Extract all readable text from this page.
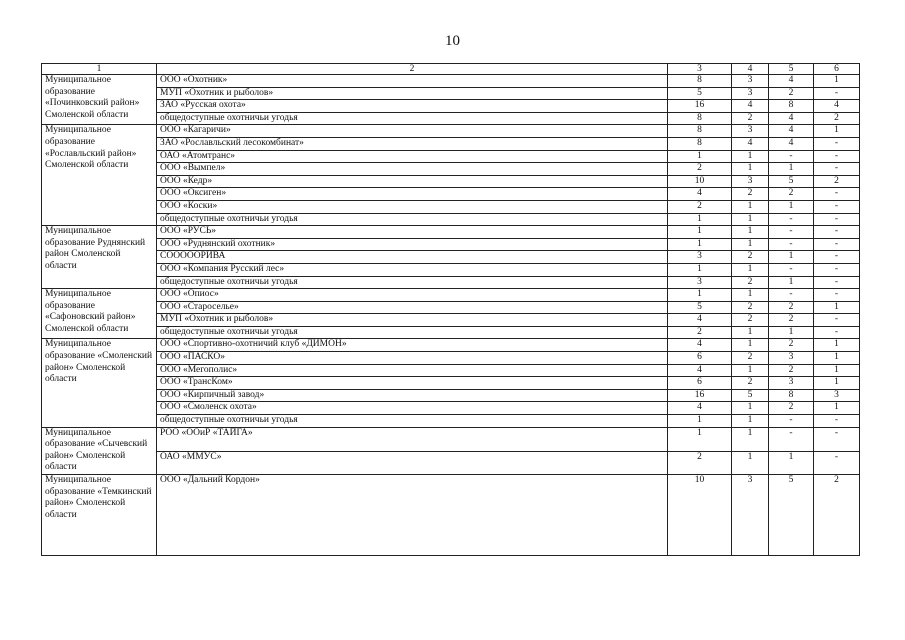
10
1	2	3	4	5	6
Муниципальное образование «Починковский район» Смоленской области	ООО «Охотник»	8	3	4	1
	МУП «Охотник и рыболов»	5	3	2	-
	ЗАО «Русская охота»	16	4	8	4
	общедоступные охотничьи угодья	8	2	4	2
Муниципальное образование «Рославльский район» Смоленской области	ООО «Кагаричи»	8	3	4	1
	ЗАО «Рославльский лесокомбинат»	8	4	4	-
	ОАО «Атомтранс»	1	1	-	-
	ООО «Вымпел»	2	1	1	-
	ООО «Кедр»	10	3	5	2
	ООО «Оксиген»	4	2	2	-
	ООО «Коски»	2	1	1	-
	общедоступные охотничьи угодья	1	1	-	-
Муниципальное образование Руднянский район Смоленской области	ООО «РУСЬ»	1	1	-	-
	ООО «Руднянский охотник»	1	1	-	-
	СОООООРИВА	3	2	1	-
	ООО «Компания Русский лес»	1	1	-	-
	общедоступные охотничьи угодья	3	2	1	-
Муниципальное образование «Сафоновский район» Смоленской области	ООО «Опиос»	1	1	-	-
	ООО «Староселье»	5	2	2	1
	МУП «Охотник и рыболов»	4	2	2	-
	общедоступные охотничьи угодья	2	1	1	-
Муниципальное образование «Смоленский район» Смоленской области	ООО «Спортивно-охотничий клуб «ДИМОН»	4	1	2	1
	ООО «ПАСКО»	6	2	3	1
	ООО «Мегополис»	4	1	2	1
	ООО «ТрансКом»	6	2	3	1
	ООО «Кирпичный завод»	16	5	8	3
	ООО «Смоленск охота»	4	1	2	1
	общедоступные охотничьи угодья	1	1	-	-
Муниципальное образование «Сычевский район» Смоленской области	РОО «ООиР «ТАЙГА»	1	1	-	-
	ОАО «ММУС»	2	1	1	-
Муниципальное образование «Темкинский район» Смоленской области	ООО «Дальний Кордон»	10	3	5	2
